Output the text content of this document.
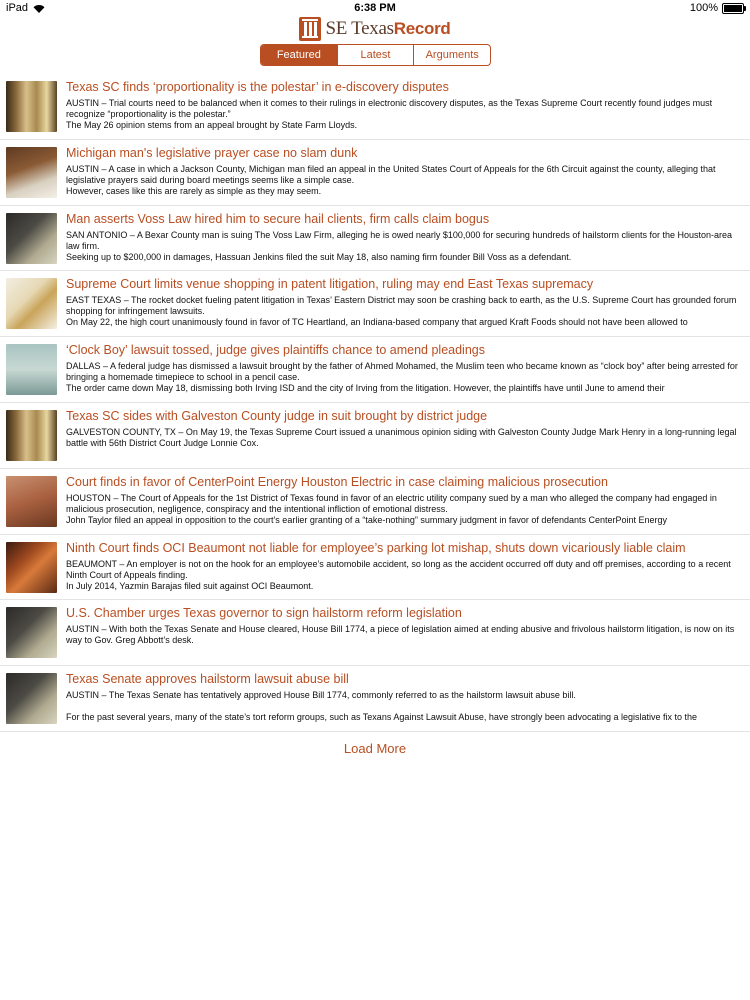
iPad	6:38 PM	100%
SE TexasRecord
Featured	Latest	Arguments
Texas SC finds ‘proportionality is the polestar’ in e-discovery disputes

AUSTIN – Trial courts need to be balanced when it comes to their rulings in electronic discovery disputes, as the Texas Supreme Court recently found judges must recognize “proportionality is the polestar.”

The May 26 opinion stems from an appeal brought by State Farm Lloyds.

Michigan man's legislative prayer case no slam dunk

AUSTIN – A case in which a Jackson County, Michigan man filed an appeal in the United States Court of Appeals for the 6th Circuit against the county, alleging that legislative prayers said during board meetings seems like a simple case.

However, cases like this are rarely as simple as they may seem.

Man asserts Voss Law hired him to secure hail clients, firm calls claim bogus

SAN ANTONIO – A Bexar County man is suing The Voss Law Firm, alleging he is owed nearly $100,000 for securing hundreds of hailstorm clients for the Houston-area law firm.

Seeking up to $200,000 in damages, Hassuan Jenkins filed the suit May 18, also naming firm founder Bill Voss as a defendant.

Supreme Court limits venue shopping in patent litigation, ruling may end East Texas supremacy

EAST TEXAS – The rocket docket fueling patent litigation in Texas’ Eastern District may soon be crashing back to earth, as the U.S. Supreme Court has grounded forum shopping for infringement lawsuits.

On May 22, the high court unanimously found in favor of TC Heartland, an Indiana-based company that argued Kraft Foods should not have been allowed to

‘Clock Boy’ lawsuit tossed, judge gives plaintiffs chance to amend pleadings

DALLAS – A federal judge has dismissed a lawsuit brought by the father of Ahmed Mohamed, the Muslim teen who became known as “clock boy” after being arrested for bringing a homemade timepiece to school in a pencil case.

The order came down May 18, dismissing both Irving ISD and the city of Irving from the litigation. However, the plaintiffs have until June to amend their

Texas SC sides with Galveston County judge in suit brought by district judge

GALVESTON COUNTY, TX – On May 19, the Texas Supreme Court issued a unanimous opinion siding with Galveston County Judge Mark Henry in a long-running legal battle with 56th District Court Judge Lonnie Cox.

Court finds in favor of CenterPoint Energy Houston Electric in case claiming malicious prosecution

HOUSTON – The Court of Appeals for the 1st District of Texas found in favor of an electric utility company sued by a man who alleged the company had engaged in malicious prosecution, negligence, conspiracy and the intentional infliction of emotional distress.

John Taylor filed an appeal in opposition to the court’s earlier granting of a “take-nothing” summary judgment in favor of defendants CenterPoint Energy

Ninth Court finds OCI Beaumont not liable for employee’s parking lot mishap, shuts down vicariously liable claim

BEAUMONT – An employer is not on the hook for an employee’s automobile accident, so long as the accident occurred off duty and off premises, according to a recent Ninth Court of Appeals finding.

In July 2014, Yazmin Barajas filed suit against OCI Beaumont.

U.S. Chamber urges Texas governor to sign hailstorm reform legislation

AUSTIN – With both the Texas Senate and House cleared, House Bill 1774, a piece of legislation aimed at ending abusive and frivolous hailstorm litigation, is now on its way to Gov. Greg Abbott’s desk.

Texas Senate approves hailstorm lawsuit abuse bill

AUSTIN – The Texas Senate has tentatively approved House Bill 1774, commonly referred to as the hailstorm lawsuit abuse bill.

For the past several years, many of the state’s tort reform groups, such as Texans Against Lawsuit Abuse, have strongly been advocating a legislative fix to the

Load More
